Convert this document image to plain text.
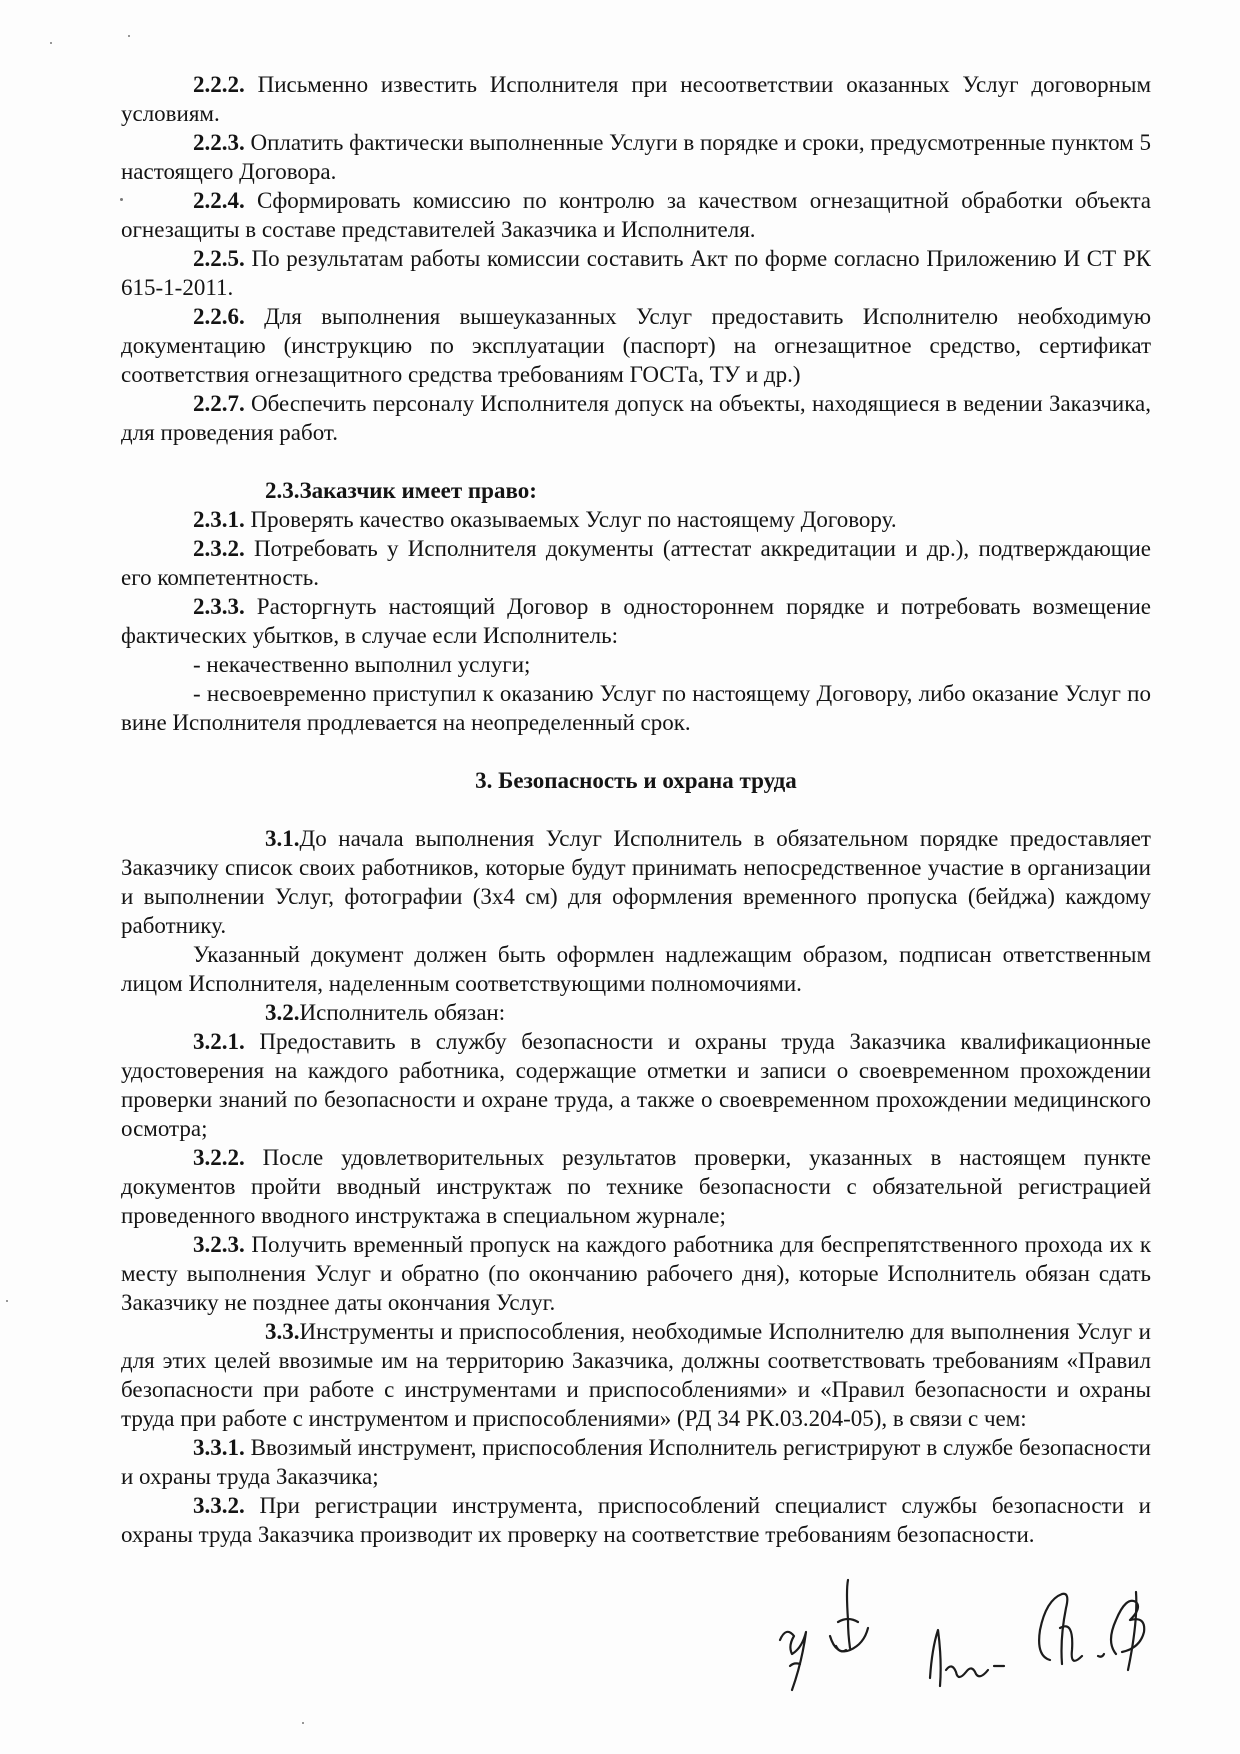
2.2.2. Письменно известить Исполнителя при несоответствии оказанных Услуг договорным условиям.

2.2.3. Оплатить фактически выполненные Услуги в порядке и сроки, предусмотренные пунктом 5 настоящего Договора.

2.2.4. Сформировать комиссию по контролю за качеством огнезащитной обработки объекта огнезащиты в составе представителей Заказчика и Исполнителя.

2.2.5. По результатам работы комиссии составить Акт по форме согласно Приложению И СТ РК 615-1-2011.

2.2.6. Для выполнения вышеуказанных Услуг предоставить Исполнителю необходимую документацию (инструкцию по эксплуатации (паспорт) на огнезащитное средство, сертификат соответствия огнезащитного средства требованиям ГОСТа, ТУ и др.)

2.2.7. Обеспечить персоналу Исполнителя допуск на объекты, находящиеся в ведении Заказчика, для проведения работ.

2.3.Заказчик имеет право:

2.3.1. Проверять качество оказываемых Услуг по настоящему Договору.

2.3.2. Потребовать у Исполнителя документы (аттестат аккредитации и др.), подтверждающие его компетентность.

2.3.3. Расторгнуть настоящий Договор в одностороннем порядке и потребовать возмещение фактических убытков, в случае если Исполнитель:

- некачественно выполнил услуги;

- несвоевременно приступил к оказанию Услуг по настоящему Договору, либо оказание Услуг по вине Исполнителя продлевается на неопределенный срок.

3. Безопасность и охрана труда

3.1.До начала выполнения Услуг Исполнитель в обязательном порядке предоставляет Заказчику список своих работников, которые будут принимать непосредственное участие в организации и выполнении Услуг, фотографии (3х4 см) для оформления временного пропуска (бейджа) каждому работнику.

Указанный документ должен быть оформлен надлежащим образом, подписан ответственным лицом Исполнителя, наделенным соответствующими полномочиями.

3.2.Исполнитель обязан:

3.2.1. Предоставить в службу безопасности и охраны труда Заказчика квалификационные удостоверения на каждого работника, содержащие отметки и записи о своевременном прохождении проверки знаний по безопасности и охране труда, а также о своевременном прохождении медицинского осмотра;

3.2.2. После удовлетворительных результатов проверки, указанных в настоящем пункте документов пройти вводный инструктаж по технике безопасности с обязательной регистрацией проведенного вводного инструктажа в специальном журнале;

3.2.3. Получить временный пропуск на каждого работника для беспрепятственного прохода их к месту выполнения Услуг и обратно (по окончанию рабочего дня), которые Исполнитель обязан сдать Заказчику не позднее даты окончания Услуг.

3.3.Инструменты и приспособления, необходимые Исполнителю для выполнения Услуг и для этих целей ввозимые им на территорию Заказчика, должны соответствовать требованиям «Правил безопасности при работе с инструментами и приспособлениями» и «Правил безопасности и охраны труда при работе с инструментом и приспособлениями» (РД 34 РК.03.204-05), в связи с чем:

3.3.1. Ввозимый инструмент, приспособления Исполнитель регистрируют в службе безопасности и охраны труда Заказчика;

3.3.2. При регистрации инструмента, приспособлений специалист службы безопасности и охраны труда Заказчика производит их проверку на соответствие требованиям безопасности.
